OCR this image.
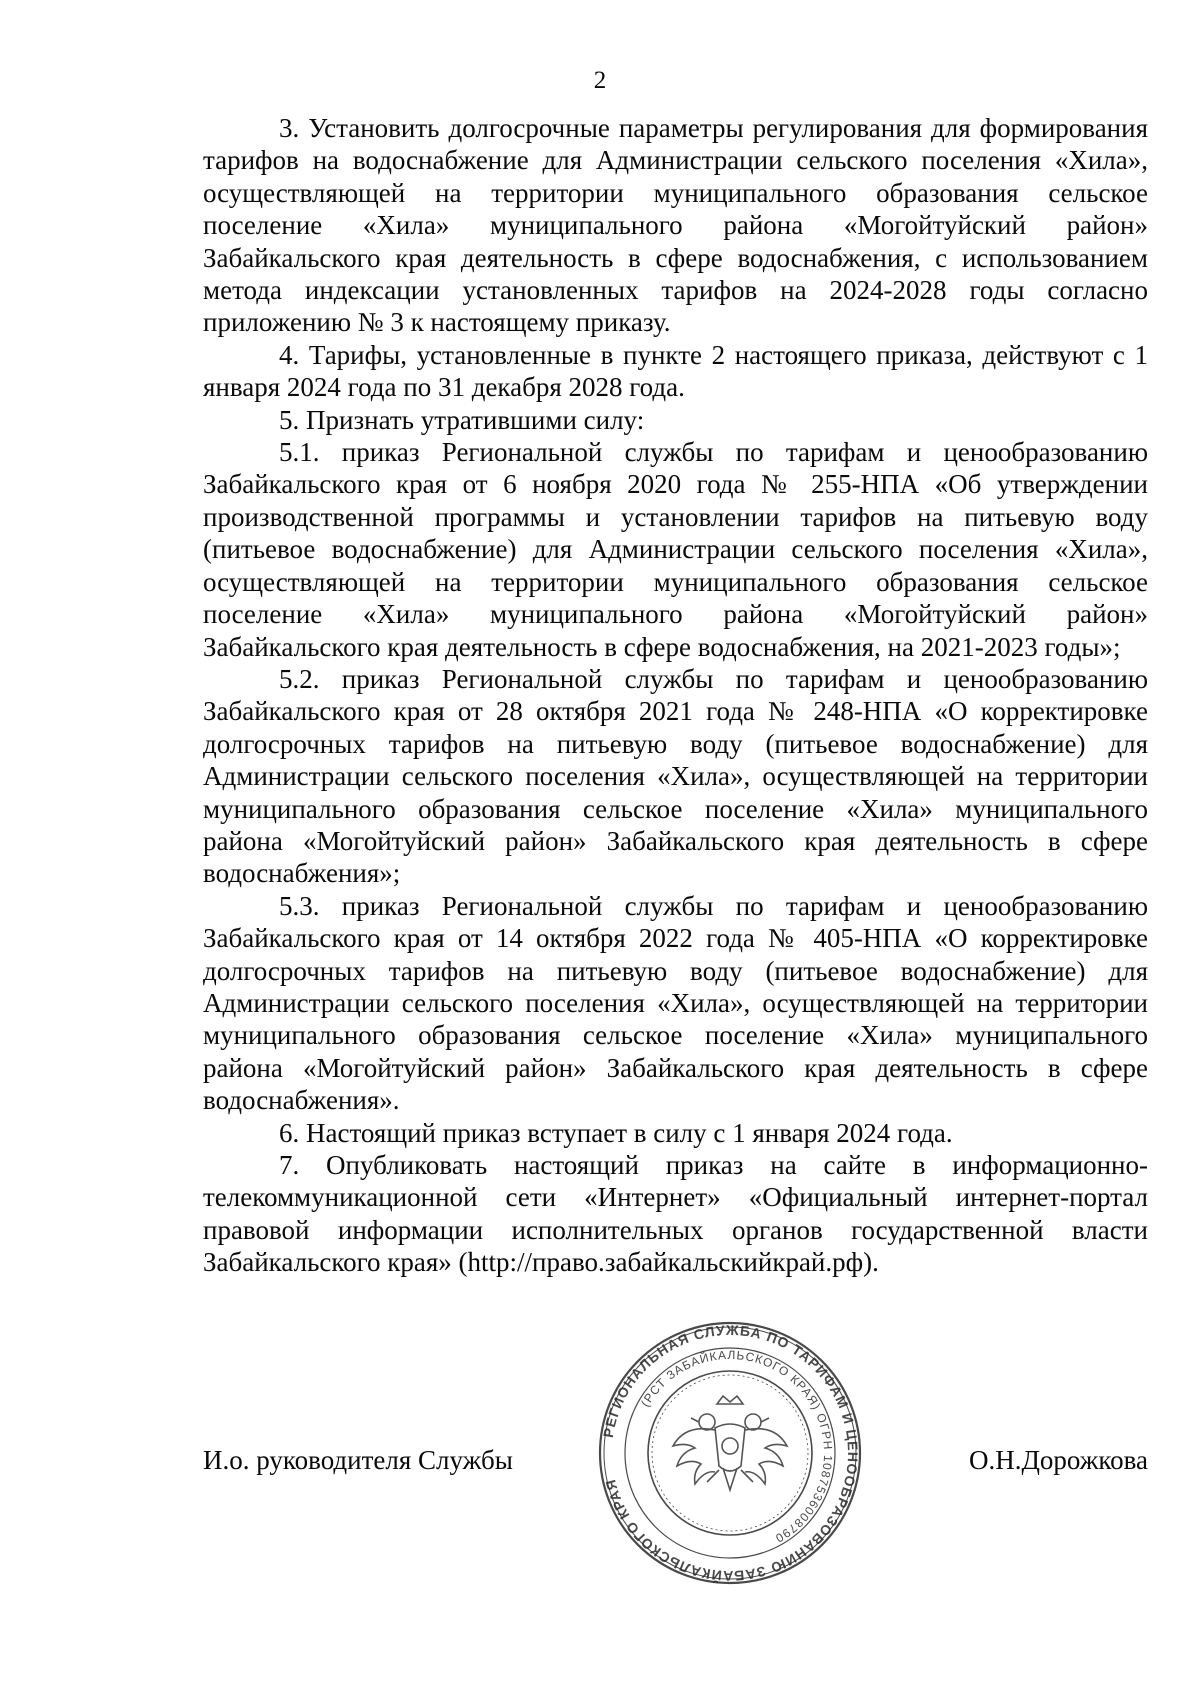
2

3. Установить долгосрочные параметры регулирования для формирования тарифов на водоснабжение для Администрации сельского поселения «Хила», осуществляющей на территории муниципального образования сельское поселение «Хила» муниципального района «Могойтуйский район» Забайкальского края деятельность в сфере водоснабжения, с использованием метода индексации установленных тарифов на 2024-2028 годы согласно приложению № 3 к настоящему приказу.

4. Тарифы, установленные в пункте 2 настоящего приказа, действуют с 1 января 2024 года по 31 декабря 2028 года.

5. Признать утратившими силу:

5.1. приказ Региональной службы по тарифам и ценообразованию Забайкальского края от 6 ноября 2020 года № 255-НПА «Об утверждении производственной программы и установлении тарифов на питьевую воду (питьевое водоснабжение) для Администрации сельского поселения «Хила», осуществляющей на территории муниципального образования сельское поселение «Хила» муниципального района «Могойтуйский район» Забайкальского края деятельность в сфере водоснабжения, на 2021-2023 годы»;

5.2. приказ Региональной службы по тарифам и ценообразованию Забайкальского края от 28 октября 2021 года № 248-НПА «О корректировке долгосрочных тарифов на питьевую воду (питьевое водоснабжение) для Администрации сельского поселения «Хила», осуществляющей на территории муниципального образования сельское поселение «Хила» муниципального района «Могойтуйский район» Забайкальского края деятельность в сфере водоснабжения»;

5.3. приказ Региональной службы по тарифам и ценообразованию Забайкальского края от 14 октября 2022 года № 405-НПА «О корректировке долгосрочных тарифов на питьевую воду (питьевое водоснабжение) для Администрации сельского поселения «Хила», осуществляющей на территории муниципального образования сельское поселение «Хила» муниципального района «Могойтуйский район» Забайкальского края деятельность в сфере водоснабжения».

6. Настоящий приказ вступает в силу с 1 января 2024 года.

7. Опубликовать настоящий приказ на сайте в информационно-телекоммуникационной сети «Интернет» «Официальный интернет-портал правовой информации исполнительных органов государственной власти Забайкальского края» (http://право.забайкальскийкрай.рф).

РЕГИОНАЛЬНАЯ СЛУЖБА ПО ТАРИФАМ И ЦЕНООБРАЗОВАНИЮ ЗАБАЙКАЛЬСКОГО КРАЯ
(РСТ ЗАБАЙКАЛЬСКОГО КРАЯ) ОГРН 1087536008790
И.о. руководителя Службы	О.Н.Дорожкова
